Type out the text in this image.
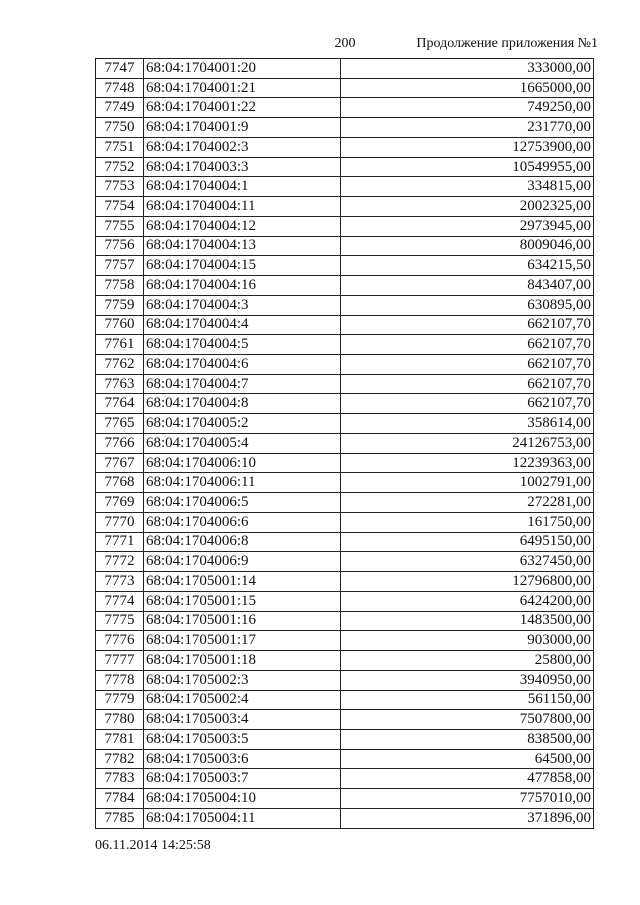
200	Продолжение приложения №1
7747	68:04:1704001:20	333000,00
7748	68:04:1704001:21	1665000,00
7749	68:04:1704001:22	749250,00
7750	68:04:1704001:9	231770,00
7751	68:04:1704002:3	12753900,00
7752	68:04:1704003:3	10549955,00
7753	68:04:1704004:1	334815,00
7754	68:04:1704004:11	2002325,00
7755	68:04:1704004:12	2973945,00
7756	68:04:1704004:13	8009046,00
7757	68:04:1704004:15	634215,50
7758	68:04:1704004:16	843407,00
7759	68:04:1704004:3	630895,00
7760	68:04:1704004:4	662107,70
7761	68:04:1704004:5	662107,70
7762	68:04:1704004:6	662107,70
7763	68:04:1704004:7	662107,70
7764	68:04:1704004:8	662107,70
7765	68:04:1704005:2	358614,00
7766	68:04:1704005:4	24126753,00
7767	68:04:1704006:10	12239363,00
7768	68:04:1704006:11	1002791,00
7769	68:04:1704006:5	272281,00
7770	68:04:1704006:6	161750,00
7771	68:04:1704006:8	6495150,00
7772	68:04:1704006:9	6327450,00
7773	68:04:1705001:14	12796800,00
7774	68:04:1705001:15	6424200,00
7775	68:04:1705001:16	1483500,00
7776	68:04:1705001:17	903000,00
7777	68:04:1705001:18	25800,00
7778	68:04:1705002:3	3940950,00
7779	68:04:1705002:4	561150,00
7780	68:04:1705003:4	7507800,00
7781	68:04:1705003:5	838500,00
7782	68:04:1705003:6	64500,00
7783	68:04:1705003:7	477858,00
7784	68:04:1705004:10	7757010,00
7785	68:04:1705004:11	371896,00
06.11.2014 14:25:58
